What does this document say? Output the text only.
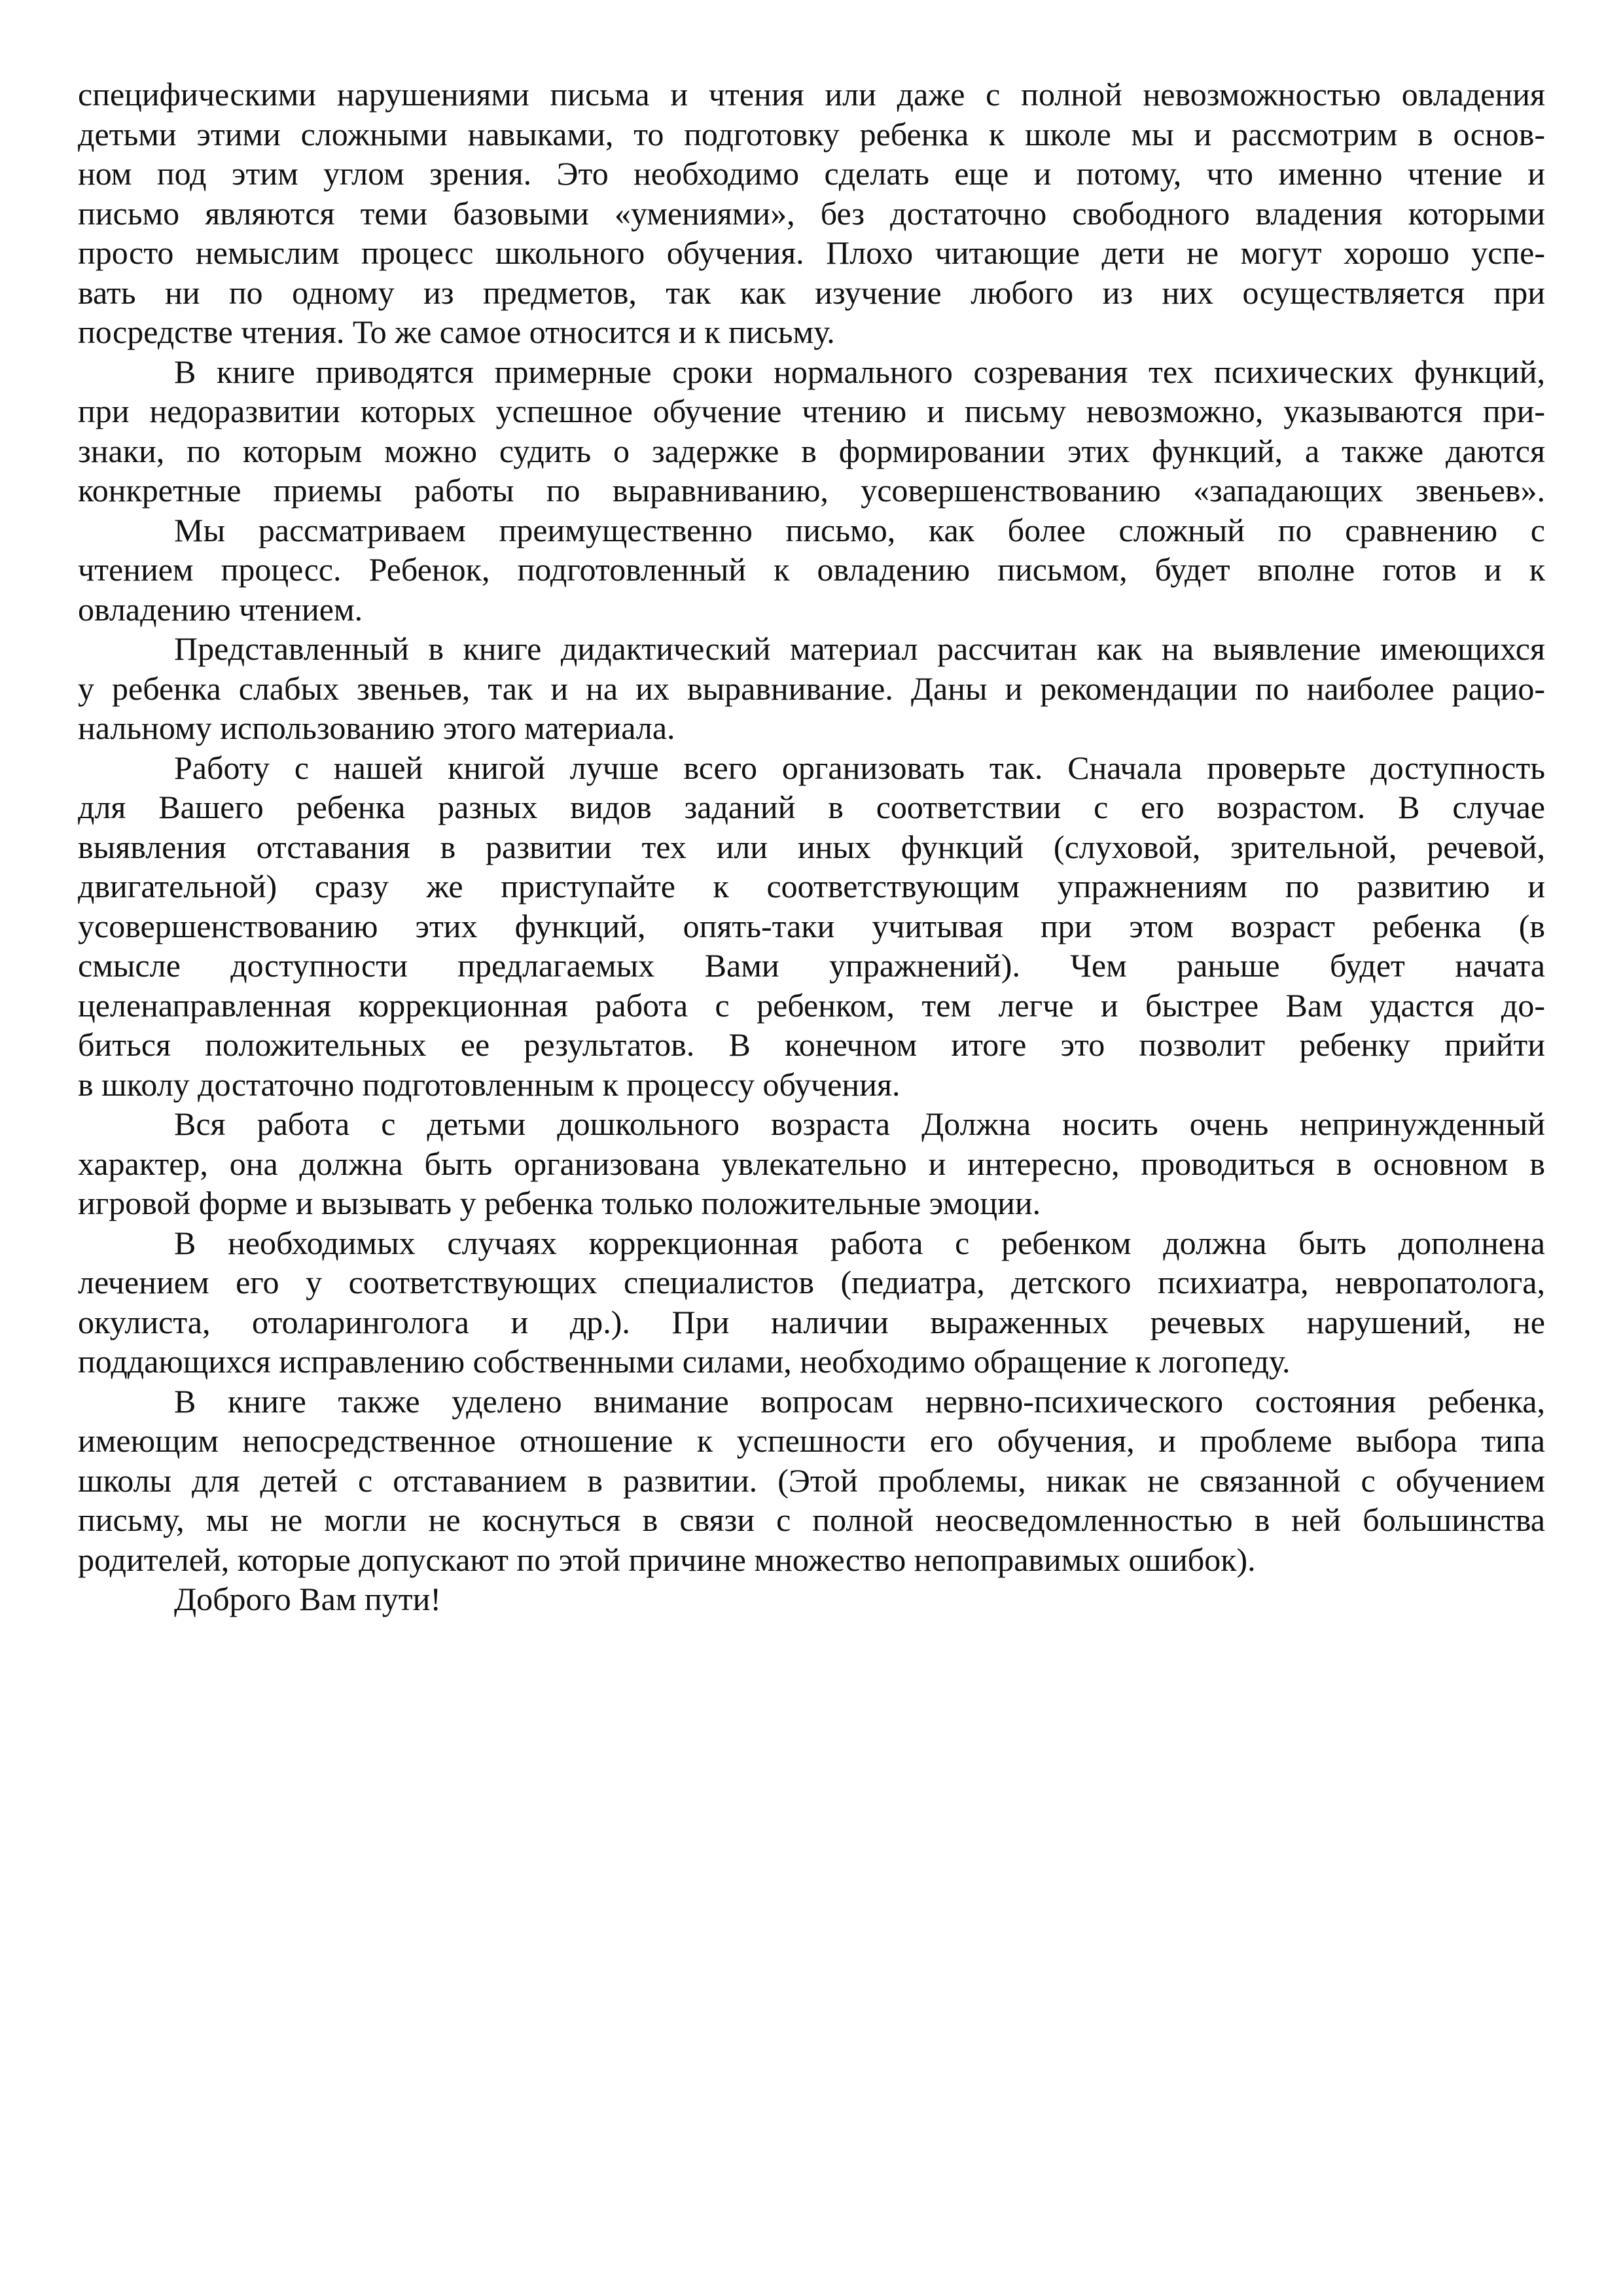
специфическими нарушениями письма и чтения или даже с полной невозможностью овладения
детьми этими сложными навыками, то подготовку ребенка к школе мы и рассмотрим в основ-
ном под этим углом зрения. Это необходимо сделать еще и потому, что именно чтение и
письмо являются теми базовыми «умениями», без достаточно свободного владения которыми
просто немыслим процесс школьного обучения. Плохо читающие дети не могут хорошо успе-
вать ни по одному из предметов, так как изучение любого из них осуществляется при
посредстве чтения. То же самое относится и к письму.
В книге приводятся примерные сроки нормального созревания тех психических функций,
при недоразвитии которых успешное обучение чтению и письму невозможно, указываются при-
знаки, по которым можно судить о задержке в формировании этих функций, а также даются
конкретные приемы работы по выравниванию, усовершенствованию «западающих звеньев».
Мы рассматриваем преимущественно письмо, как более сложный по сравнению с
чтением процесс. Ребенок, подготовленный к овладению письмом, будет вполне готов и к
овладению чтением.
Представленный в книге дидактический материал рассчитан как на выявление имеющихся
у ребенка слабых звеньев, так и на их выравнивание. Даны и рекомендации по наиболее рацио-
нальному использованию этого материала.
Работу с нашей книгой лучше всего организовать так. Сначала проверьте доступность
для Вашего ребенка разных видов заданий в соответствии с его возрастом. В случае
выявления отставания в развитии тех или иных функций (слуховой, зрительной, речевой,
двигательной) сразу же приступайте к соответствующим упражнениям по развитию и
усовершенствованию этих функций, опять-таки учитывая при этом возраст ребенка (в
смысле доступности предлагаемых Вами упражнений). Чем раньше будет начата
целенаправленная коррекционная работа с ребенком, тем легче и быстрее Вам удастся до-
биться положительных ее результатов. В конечном итоге это позволит ребенку прийти
в школу достаточно подготовленным к процессу обучения.
Вся работа с детьми дошкольного возраста Должна носить очень непринужденный
характер, она должна быть организована увлекательно и интересно, проводиться в основном в
игровой форме и вызывать у ребенка только положительные эмоции.
В необходимых случаях коррекционная работа с ребенком должна быть дополнена
лечением его у соответствующих специалистов (педиатра, детского психиатра, невропатолога,
окулиста, отоларинголога и др.). При наличии выраженных речевых нарушений, не
поддающихся исправлению собственными силами, необходимо обращение к логопеду.
В книге также уделено внимание вопросам нервно-психического состояния ребенка,
имеющим непосредственное отношение к успешности его обучения, и проблеме выбора типа
школы для детей с отставанием в развитии. (Этой проблемы, никак не связанной с обучением
письму, мы не могли не коснуться в связи с полной неосведомленностью в ней большинства
родителей, которые допускают по этой причине множество непоправимых ошибок).
Доброго Вам пути!
